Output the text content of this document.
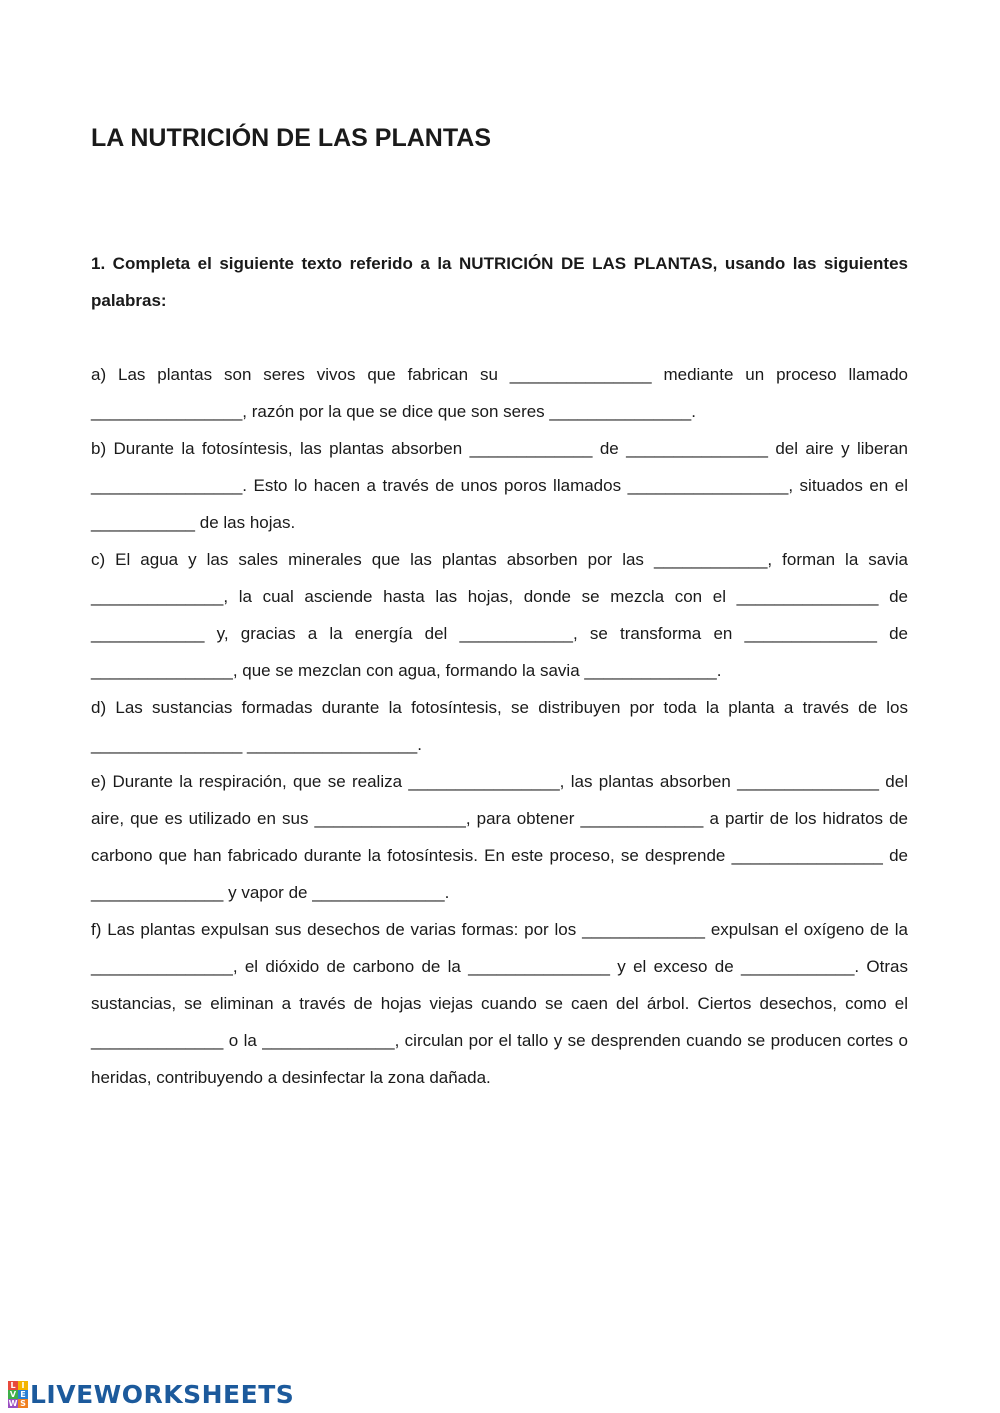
LA NUTRICIÓN DE LAS PLANTAS

1. Completa el siguiente texto referido a la NUTRICIÓN DE LAS PLANTAS, usando las siguientes palabras:

a) Las plantas son seres vivos que fabrican su _______________ mediante un proceso llamado ________________, razón por la que se dice que son seres _______________.

b) Durante la fotosíntesis, las plantas absorben _____________ de _______________ del aire y liberan ________________. Esto lo hacen a través de unos poros llamados _________________, situados en el ___________ de las hojas.

c) El agua y las sales minerales que las plantas absorben por las ____________, forman la savia ______________, la cual asciende hasta las hojas, donde se mezcla con el _______________ de ____________ y, gracias a la energía del ____________, se transforma en ______________ de _______________, que se mezclan con agua, formando la savia ______________.

d) Las sustancias formadas durante la fotosíntesis, se distribuyen por toda la planta a través de los ________________ __________________.

e) Durante la respiración, que se realiza ________________, las plantas absorben _______________ del aire, que es utilizado en sus ________________, para obtener _____________ a partir de los hidratos de carbono que han fabricado durante la fotosíntesis. En este proceso, se desprende ________________ de ______________ y vapor de ______________.

f) Las plantas expulsan sus desechos de varias formas: por los _____________ expulsan el oxígeno de la _______________, el dióxido de carbono de la _______________ y el exceso de ____________. Otras sustancias, se eliminan a través de hojas viejas cuando se caen del árbol. Ciertos desechos, como el ______________ o la ______________, circulan por el tallo y se desprenden cuando se producen cortes o heridas, contribuyendo a desinfectar la zona dañada.

L I
V E
W S LIVEWORKSHEETS
